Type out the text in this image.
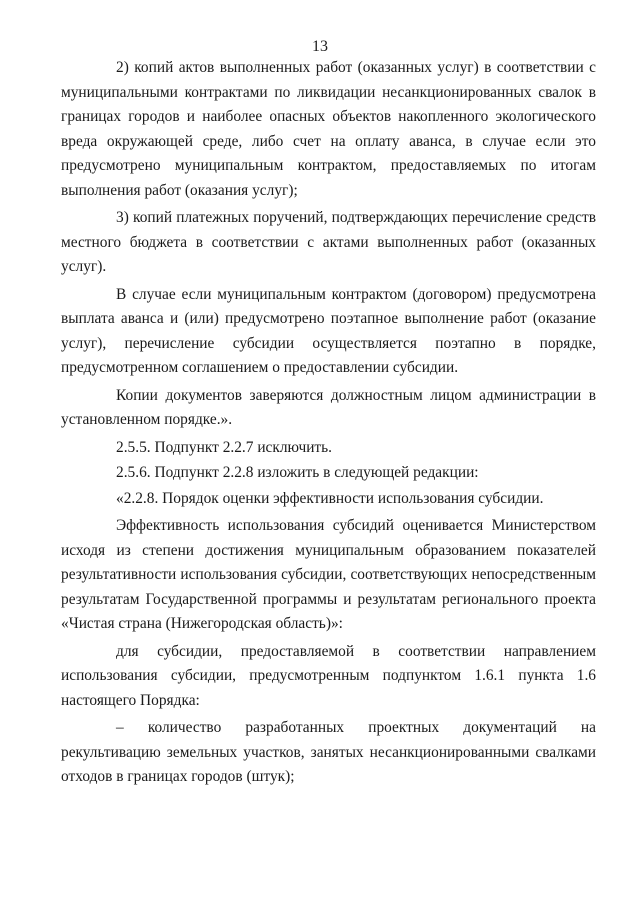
13

2) копий актов выполненных работ (оказанных услуг) в соответствии с муниципальными контрактами по ликвидации несанкционированных свалок в границах городов и наиболее опасных объектов накопленного экологического вреда окружающей среде, либо счет на оплату аванса, в случае если это предусмотрено муниципальным контрактом, предоставляемых по итогам выполнения работ (оказания услуг);

3) копий платежных поручений, подтверждающих перечисление средств местного бюджета в соответствии с актами выполненных работ (оказанных услуг).

В случае если муниципальным контрактом (договором) предусмотрена выплата аванса и (или) предусмотрено поэтапное выполнение работ (оказание услуг), перечисление субсидии осуществляется поэтапно в порядке, предусмотренном соглашением о предоставлении субсидии.

Копии документов заверяются должностным лицом администрации в установленном порядке.».

2.5.5. Подпункт 2.2.7 исключить.

2.5.6. Подпункт 2.2.8 изложить в следующей редакции:

«2.2.8. Порядок оценки эффективности использования субсидии.

Эффективность использования субсидий оценивается Министерством исходя из степени достижения муниципальным образованием показателей результативности использования субсидии, соответствующих непосредственным результатам Государственной программы и результатам регионального проекта «Чистая страна (Нижегородская область)»:

для субсидии, предоставляемой в соответствии направлением использования субсидии, предусмотренным подпунктом 1.6.1 пункта 1.6 настоящего Порядка:

– количество разработанных проектных документаций на рекультивацию земельных участков, занятых несанкционированными свалками отходов в границах городов (штук);
